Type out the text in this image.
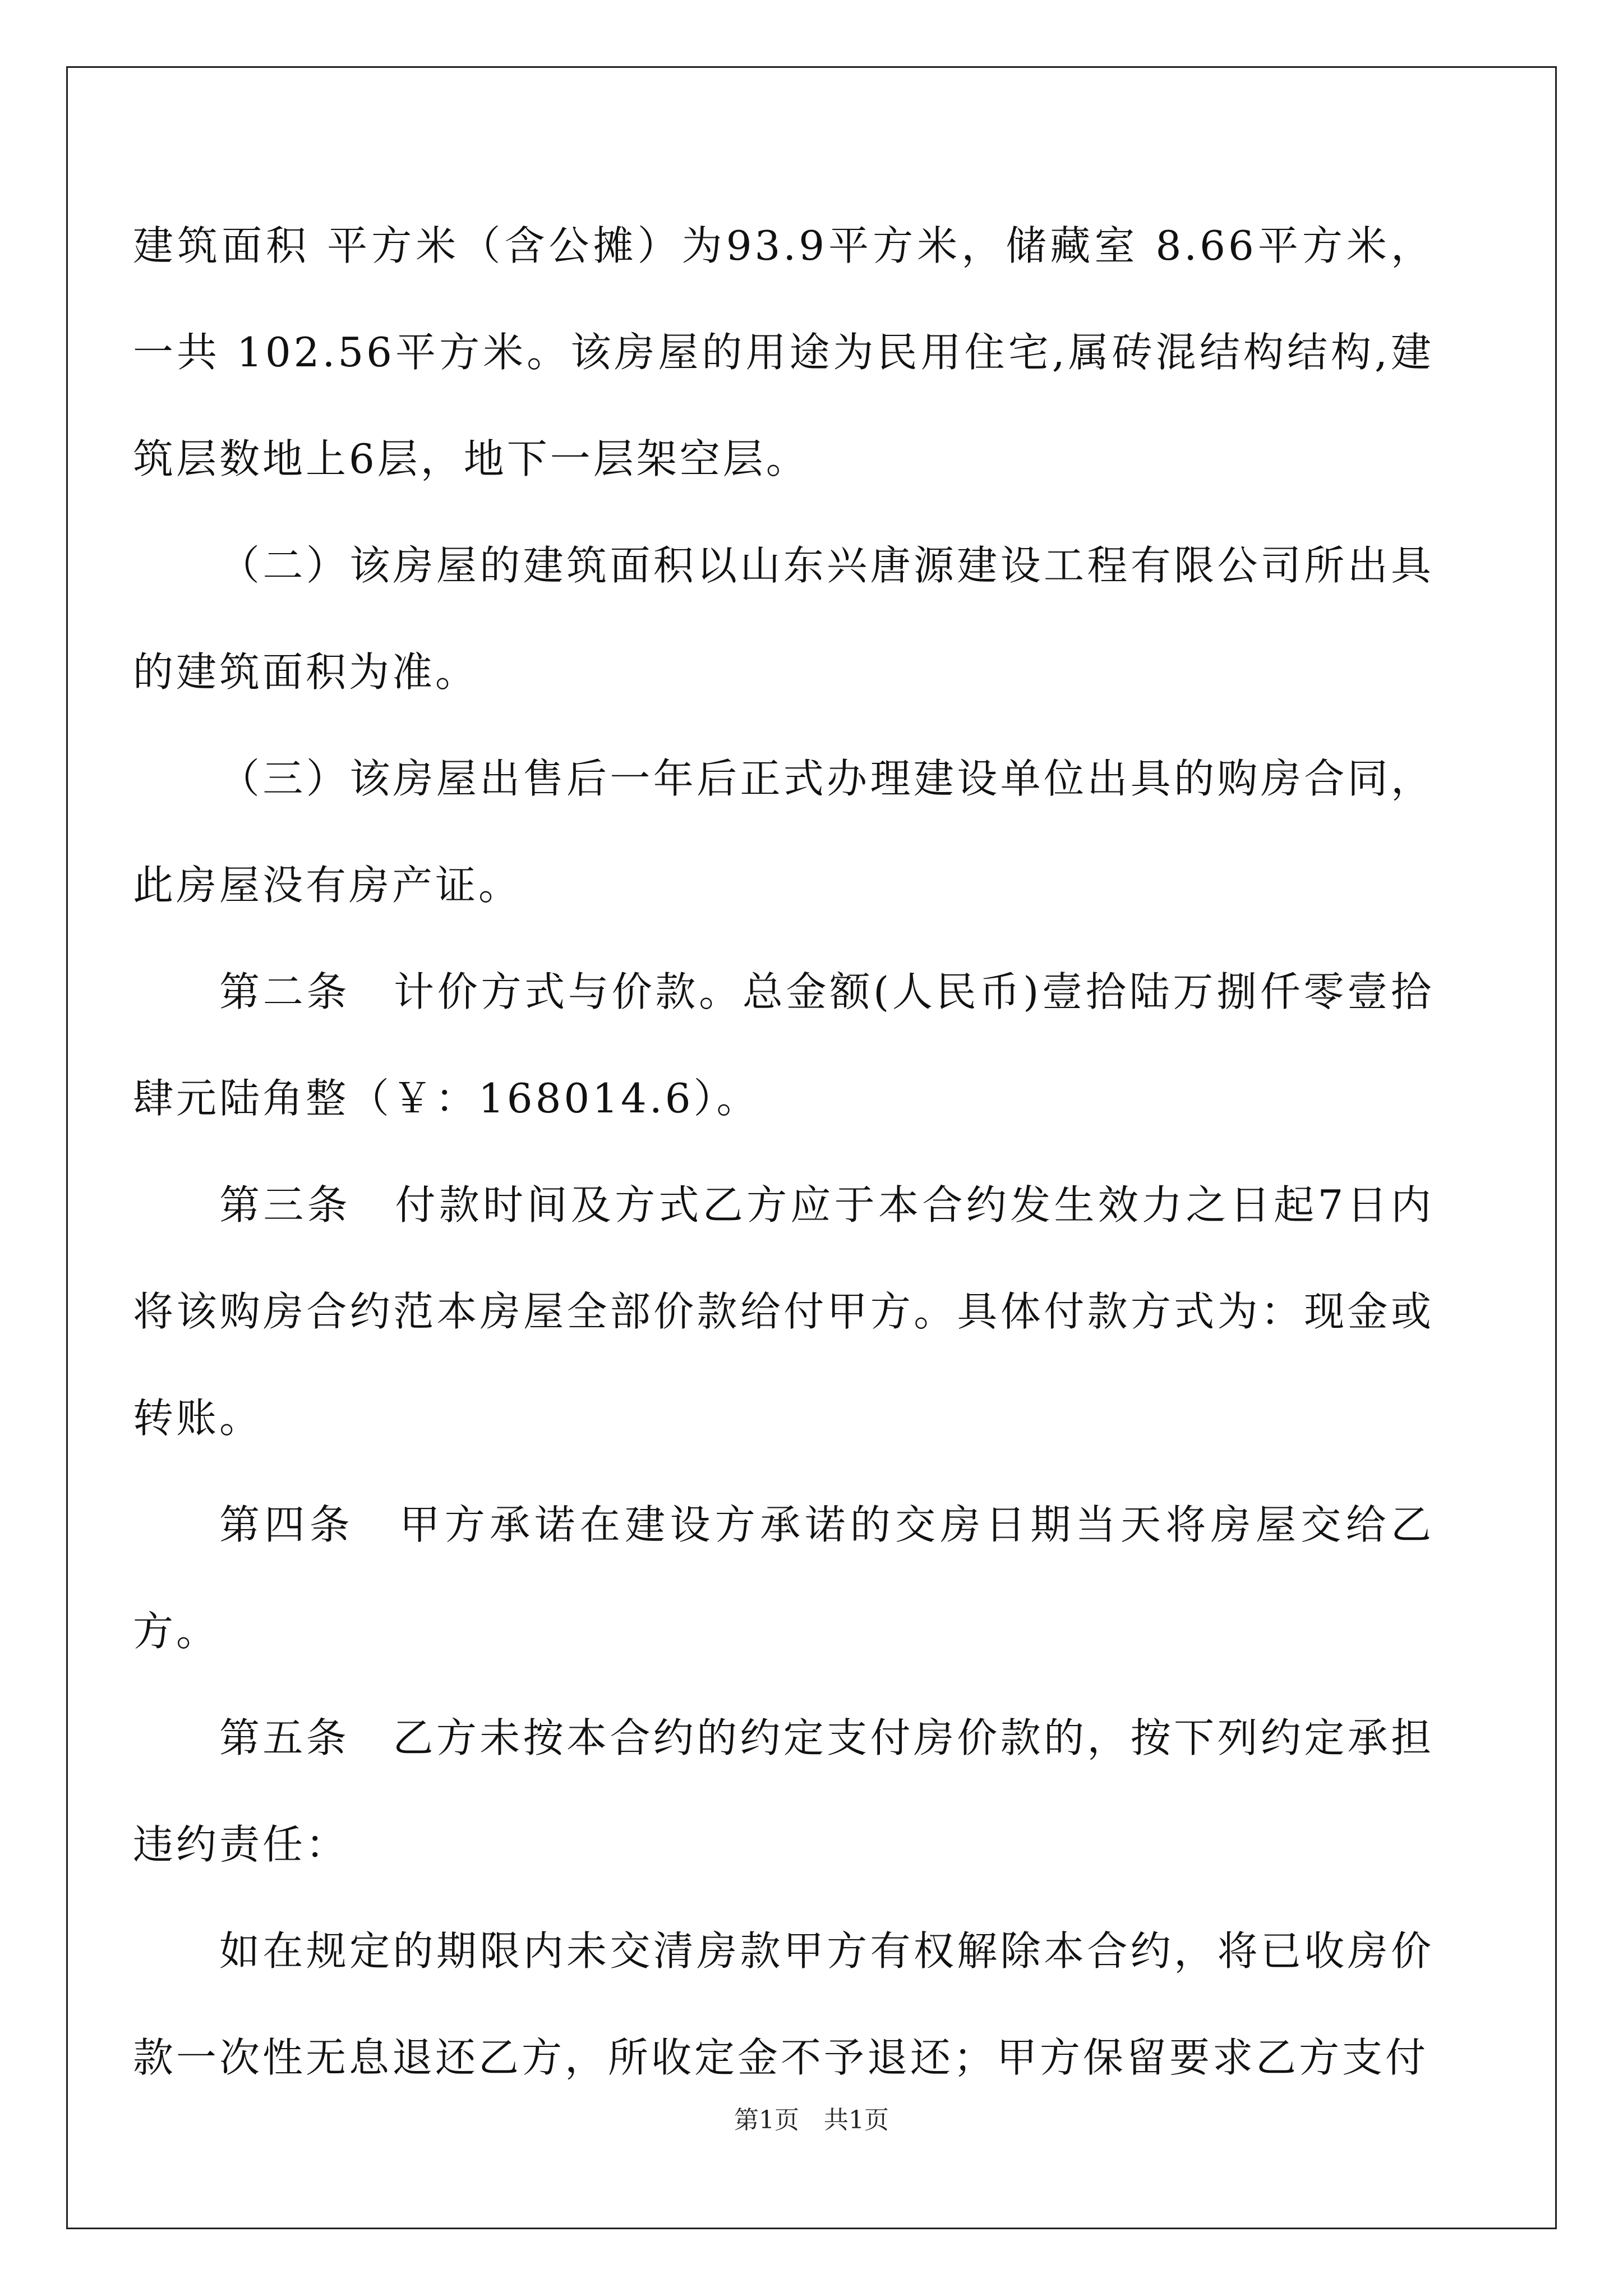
建筑面积 平方米（含公摊）为93.9平方米，储藏室 8.66平方米，一共 102.56平方米。该房屋的用途为民用住宅,属砖混结构结构,建筑层数地上6层，地下一层架空层。

（二）该房屋的建筑面积以山东兴唐源建设工程有限公司所出具的建筑面积为准。

（三）该房屋出售后一年后正式办理建设单位出具的购房合同，此房屋没有房产证。

第二条　计价方式与价款。总金额(人民币)壹拾陆万捌仟零壹拾肆元陆角整（￥：168014.6）。

第三条　付款时间及方式乙方应于本合约发生效力之日起7日内将该购房合约范本房屋全部价款给付甲方。具体付款方式为：现金或转账。

第四条　甲方承诺在建设方承诺的交房日期当天将房屋交给乙方。

第五条　乙方未按本合约的约定支付房价款的，按下列约定承担违约责任：

如在规定的期限内未交清房款甲方有权解除本合约，将已收房价款一次性无息退还乙方，所收定金不予退还；甲方保留要求乙方支付

第1页　共1页
